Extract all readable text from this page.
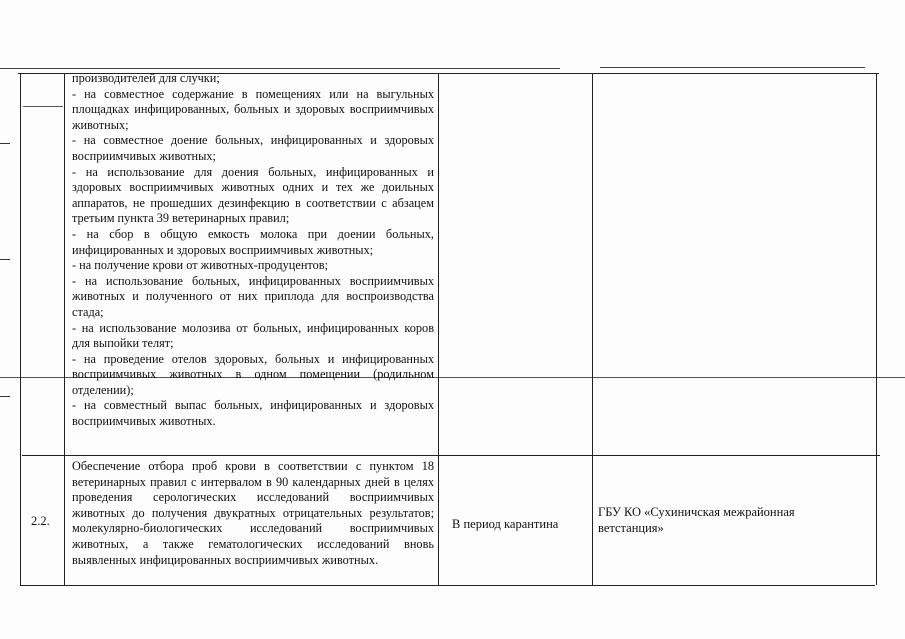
производителей для случки;

- на совместное содержание в помещениях или на выгульных площадках инфицированных, больных и здоровых восприимчивых животных;

- на совместное доение больных, инфицированных и здоровых восприимчивых животных;

- на использование для доения больных, инфицированных и здоровых восприимчивых животных одних и тех же доильных аппаратов, не прошедших дезинфекцию в соответствии с абзацем третьим пункта 39 ветеринарных правил;

- на сбор в общую емкость молока при доении больных, инфицированных и здоровых восприимчивых животных;

- на получение крови от животных-продуцентов;

- на использование больных, инфицированных восприимчивых животных и полученного от них приплода для воспроизводства стада;

- на использование молозива от больных, инфицированных коров для выпойки телят;

- на проведение отелов здоровых, больных и инфицированных восприимчивых животных в одном помещении (родильном отделении);

- на совместный выпас больных, инфицированных и здоровых восприимчивых животных.

2.2.
Обеспечение отбора проб крови в соответствии с пунктом 18 ветеринарных правил с интервалом в 90 календарных дней в целях проведения серологических исследований восприимчивых животных до получения двукратных отрицательных результатов; молекулярно-биологических исследований восприимчивых животных, а также гематологических исследований вновь выявленных инфицированных восприимчивых животных.
В период карантина
ГБУ КО «Сухиничская межрайонная
ветстанция»
